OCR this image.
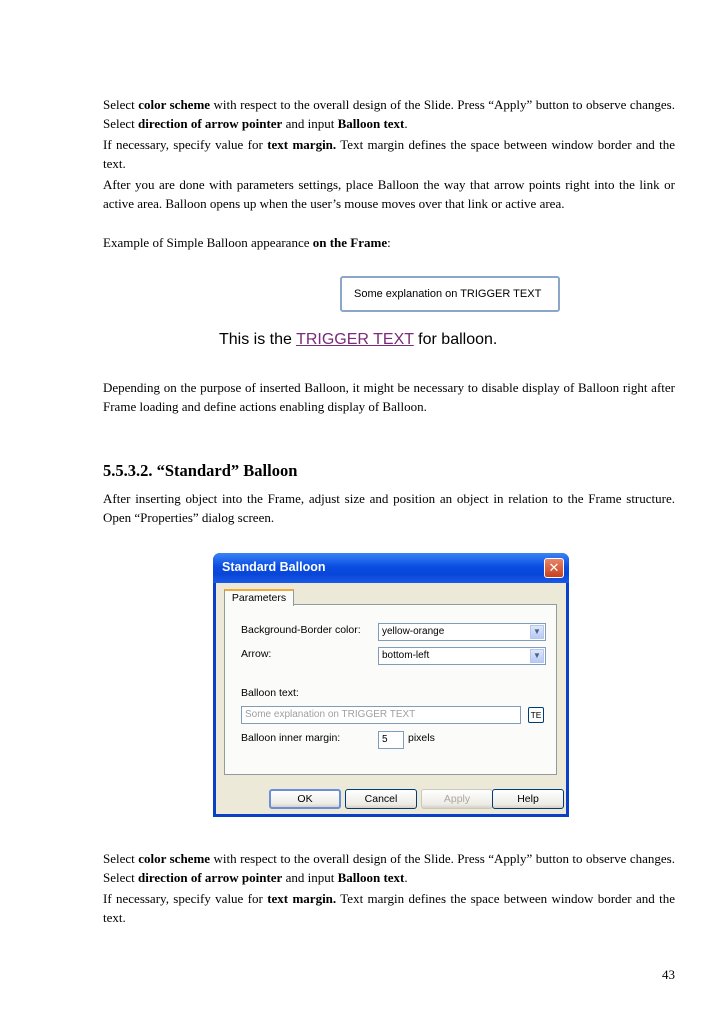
Select color scheme with respect to the overall design of the Slide. Press “Apply” button to observe changes. Select direction of arrow pointer and input Balloon text.

If necessary, specify value for text margin. Text margin defines the space between window border and the text.

After you are done with parameters settings, place Balloon the way that arrow points right into the link or active area. Balloon opens up when the user’s mouse moves over that link or active area.

Example of Simple Balloon appearance on the Frame:

Some explanation on TRIGGER TEXT
This is the TRIGGER TEXT for balloon.

Depending on the purpose of inserted Balloon, it might be necessary to disable display of Balloon right after Frame loading and define actions enabling display of Balloon.

5.5.3.2. “Standard” Balloon

After inserting object into the Frame, adjust size and position an object in relation to the Frame structure. Open “Properties” dialog screen.

Standard Balloon	✕
Parameters
Background-Border color:	yellow-orange	▼
Arrow:	bottom-left	▼
Balloon text:
Some explanation on TRIGGER TEXT	TE
Balloon inner margin:	5	pixels
OK	Cancel	Apply	Help

Select color scheme with respect to the overall design of the Slide. Press “Apply” button to observe changes. Select direction of arrow pointer and input Balloon text.

If necessary, specify value for text margin. Text margin defines the space between window border and the text.

43
